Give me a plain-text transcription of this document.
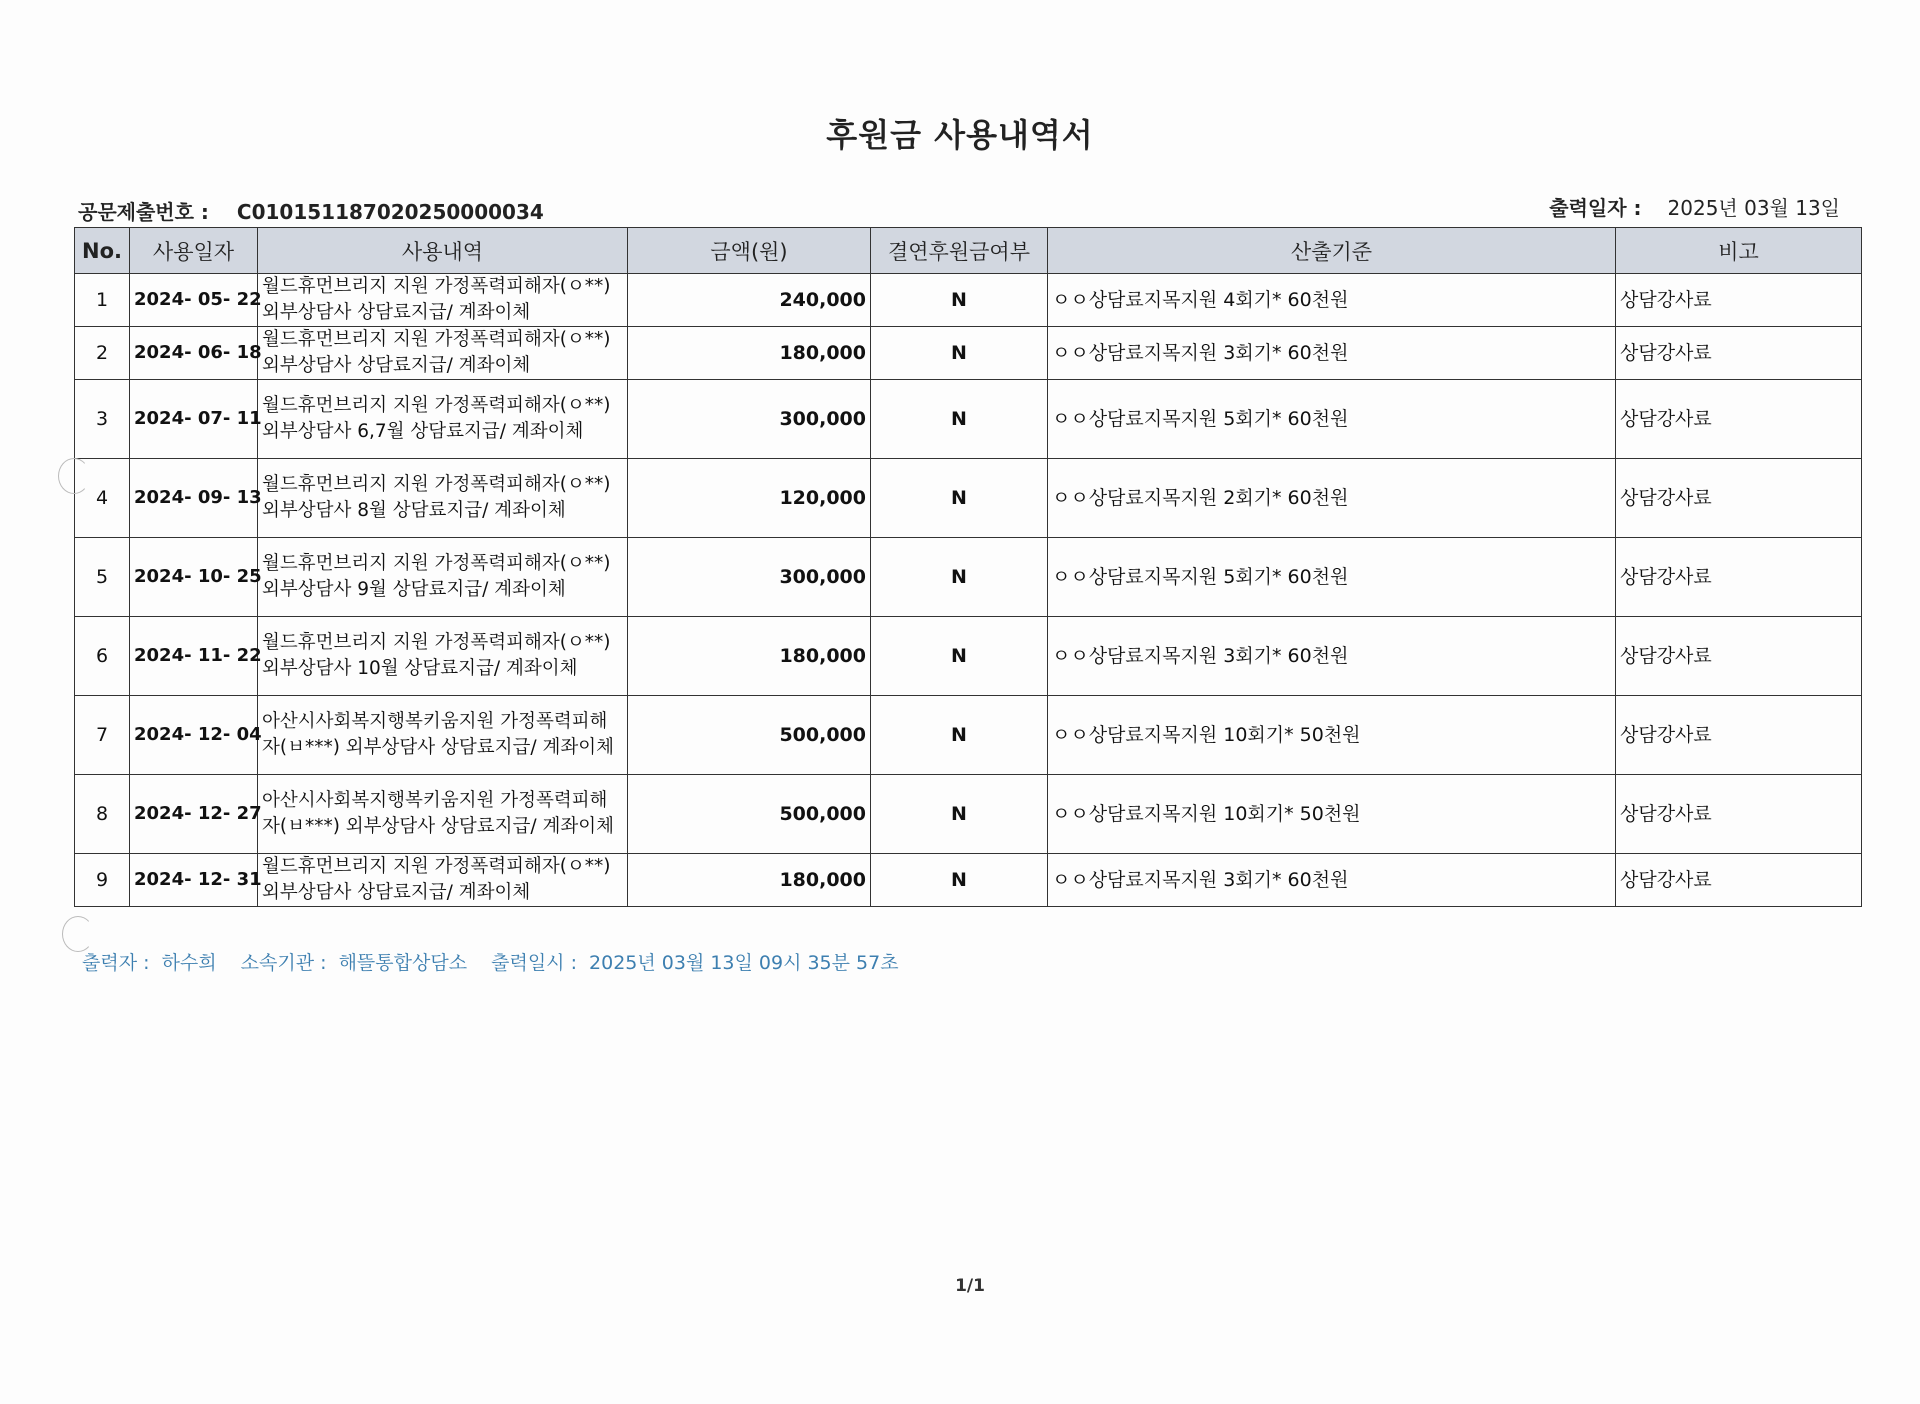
후원금 사용내역서
공문제출번호 : C010151187020250000034	출력일자 : 2025년 03월 13일
No.	사용일자	사용내역	금액(원)	결연후원금여부	산출기준	비고
1	2024- 05- 22	월드휴먼브리지 지원 가정폭력피해자(ㅇ**) 외부상담사 상담료지급/ 계좌이체	240,000	N	ㅇㅇ상담료지목지원 4회기* 60천원	상담강사료
2	2024- 06- 18	월드휴먼브리지 지원 가정폭력피해자(ㅇ**) 외부상담사 상담료지급/ 계좌이체	180,000	N	ㅇㅇ상담료지목지원 3회기* 60천원	상담강사료
3	2024- 07- 11	월드휴먼브리지 지원 가정폭력피해자(ㅇ**) 외부상담사 6,7월 상담료지급/ 계좌이체	300,000	N	ㅇㅇ상담료지목지원 5회기* 60천원	상담강사료
4	2024- 09- 13	월드휴먼브리지 지원 가정폭력피해자(ㅇ**) 외부상담사 8월 상담료지급/ 계좌이체	120,000	N	ㅇㅇ상담료지목지원 2회기* 60천원	상담강사료
5	2024- 10- 25	월드휴먼브리지 지원 가정폭력피해자(ㅇ**) 외부상담사 9월 상담료지급/ 계좌이체	300,000	N	ㅇㅇ상담료지목지원 5회기* 60천원	상담강사료
6	2024- 11- 22	월드휴먼브리지 지원 가정폭력피해자(ㅇ**) 외부상담사 10월 상담료지급/ 계좌이체	180,000	N	ㅇㅇ상담료지목지원 3회기* 60천원	상담강사료
7	2024- 12- 04	아산시사회복지행복키움지원 가정폭력피해자(ㅂ***) 외부상담사 상담료지급/ 계좌이체	500,000	N	ㅇㅇ상담료지목지원 10회기* 50천원	상담강사료
8	2024- 12- 27	아산시사회복지행복키움지원 가정폭력피해자(ㅂ***) 외부상담사 상담료지급/ 계좌이체	500,000	N	ㅇㅇ상담료지목지원 10회기* 50천원	상담강사료
9	2024- 12- 31	월드휴먼브리지 지원 가정폭력피해자(ㅇ**) 외부상담사 상담료지급/ 계좌이체	180,000	N	ㅇㅇ상담료지목지원 3회기* 60천원	상담강사료
출력자 : 하수희 소속기관 : 해뜰통합상담소 출력일시 : 2025년 03월 13일 09시 35분 57초
1/1
